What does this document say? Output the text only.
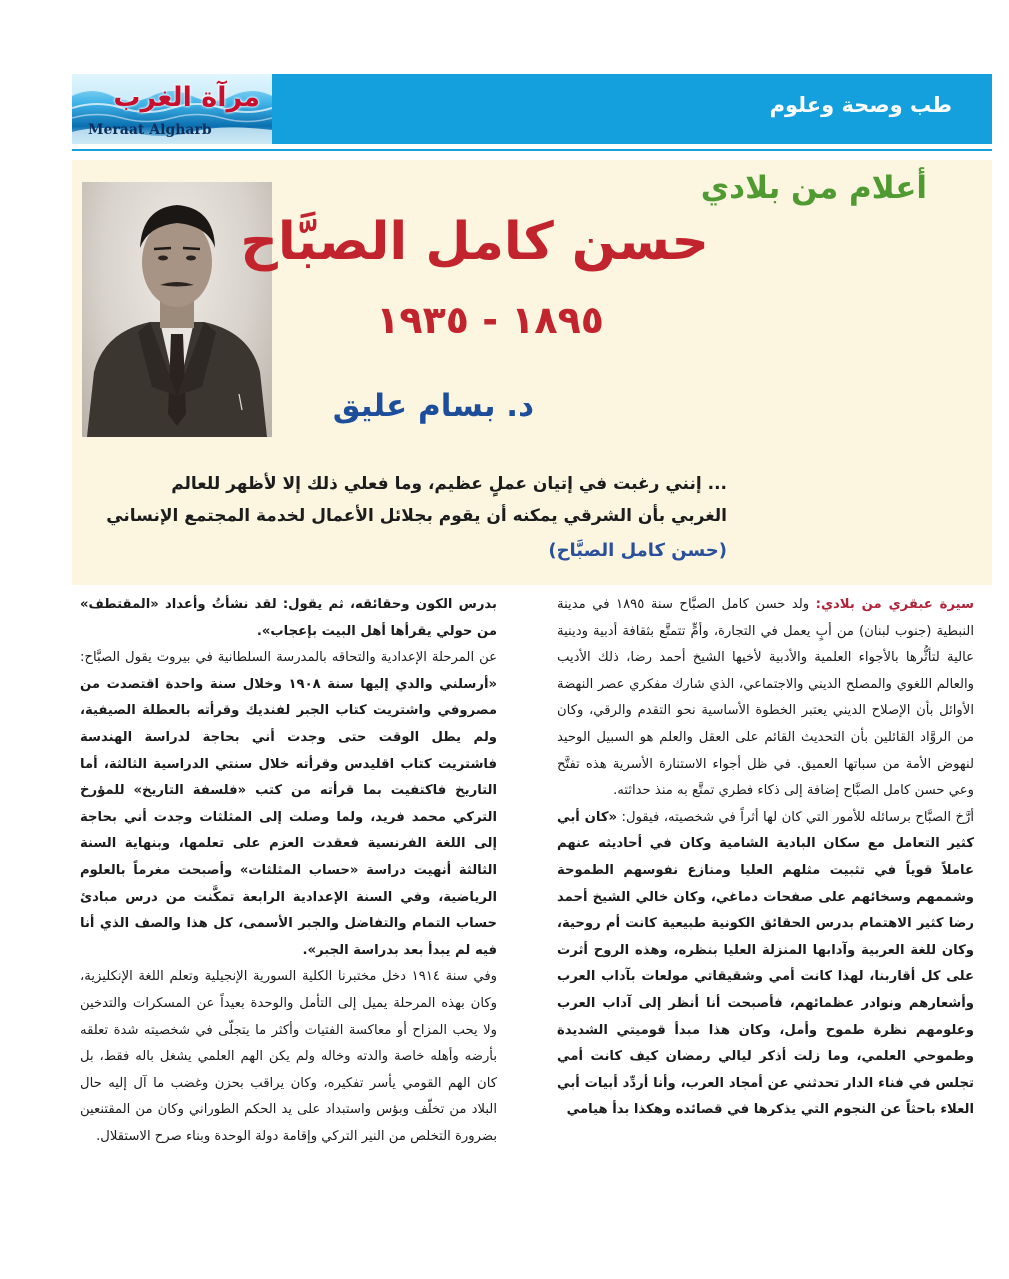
طب وصحة وعلوم
مرآة الغرب
Meraat Algharb
أعلام من بلادي
حسن كامل الصبَّاح
١٨٩٥ - ١٩٣٥
د. بسام عليق
... إنني رغبت في إتيان عملٍ عظيم، وما فعلي ذلك إلا لأظهر للعالم
الغربي بأن الشرقي يمكنه أن يقوم بجلائل الأعمال لخدمة المجتمع الإنساني
(حسن كامل الصبَّاح)

سيرة عبقري من بلادي: ولد حسن كامل الصبَّاح سنة ١٨٩٥ في مدينة النبطية (جنوب لبنان) من أبٍ يعمل في التجارة، وأمٍّ تتمتَّع بثقافة أدبية ودينية عالية لتأثُّرها بالأجواء العلمية والأدبية لأخيها الشيخ أحمد رضا، ذلك الأديب والعالم اللغوي والمصلح الديني والاجتماعي، الذي شارك مفكري عصر النهضة الأوائل بأن الإصلاح الديني يعتبر الخطوة الأساسية نحو التقدم والرقي، وكان من الروَّاد القائلين بأن التحديث القائم على العقل والعلم هو السبيل الوحيد لنهوض الأمة من سباتها العميق. في ظل أجواء الاستنارة الأسرية هذه تفتَّح وعي حسن كامل الصبَّاح إضافة إلى ذكاء فطري تمتَّع به منذ حداثته.

أرَّخ الصبَّاح برسائله للأمور التي كان لها أثراً في شخصيته، فيقول: «كان أبي كثير التعامل مع سكان البادية الشامية وكان في أحاديثه عنهم عاملاً قوياً في تثبيت مثلهم العليا ومنازع نفوسهم الطموحة وشممهم وسخائهم على صفحات دماغي، وكان خالي الشيخ أحمد رضا كثير الاهتمام بدرس الحقائق الكونية طبيعية كانت أم روحية، وكان للغة العربية وآدابها المنزلة العليا بنظره، وهذه الروح أثرت على كل أقاربنا، لهذا كانت أمي وشقيقاتي مولعات بآداب العرب وأشعارهم ونوادر عظمائهم، فأصبحت أنا أنظر إلى آداب العرب وعلومهم نظرة طموح وأمل، وكان هذا مبدأ قوميتي الشديدة وطموحي العلمي، وما زلت أذكر ليالي رمضان كيف كانت أمي تجلس في فناء الدار تحدثني عن أمجاد العرب، وأنا أردِّد أبيات أبي العلاء باحثاً عن النجوم التي يذكرها في قصائده وهكذا بدأ هيامي

بدرس الكون وحقائقه، ثم يقول: لقد نشأتُ وأعداد «المقتطف» من حولي يقرأها أهل البيت بإعجاب».

عن المرحلة الإعدادية والتحاقه بالمدرسة السلطانية في بيروت يقول الصبَّاح: «أرسلني والدي إليها سنة ١٩٠٨ وخلال سنة واحدة اقتصدت من مصروفي واشتريت كتاب الجبر لفنديك وقرأته بالعطلة الصيفية، ولم يطل الوقت حتى وجدت أني بحاجة لدراسة الهندسة فاشتريت كتاب اقليدس وقرأته خلال سنتي الدراسية الثالثة، أما التاريخ فاكتفيت بما قرأته من كتب «فلسفة التاريخ» للمؤرخ التركي محمد فريد، ولما وصلت إلى المثلثات وجدت أني بحاجة إلى اللغة الفرنسية فعقدت العزم على تعلمها، وبنهاية السنة الثالثة أنهيت دراسة «حساب المثلثات» وأصبحت مغرماً بالعلوم الرياضية، وفي السنة الإعدادية الرابعة تمكَّنت من درس مبادئ حساب التمام والتفاضل والجبر الأسمى، كل هذا والصف الذي أنا فيه لم يبدأ بعد بدراسة الجبر».

وفي سنة ١٩١٤ دخل مختبرنا الكلية السورية الإنجيلية وتعلم اللغة الإنكليزية، وكان بهذه المرحلة يميل إلى التأمل والوحدة بعيداً عن المسكرات والتدخين ولا يحب المزاح أو معاكسة الفتيات وأكثر ما يتجلّى في شخصيته شدة تعلقه بأرضه وأهله خاصة والدته وخاله ولم يكن الهم العلمي يشغل باله فقط، بل كان الهم القومي يأسر تفكيره، وكان يراقب بحزن وغضب ما آل إليه حال البلاد من تخلّف وبؤس واستبداد على يد الحكم الطوراني وكان من المقتنعين بضرورة التخلص من النير التركي وإقامة دولة الوحدة وبناء صرح الاستقلال.
